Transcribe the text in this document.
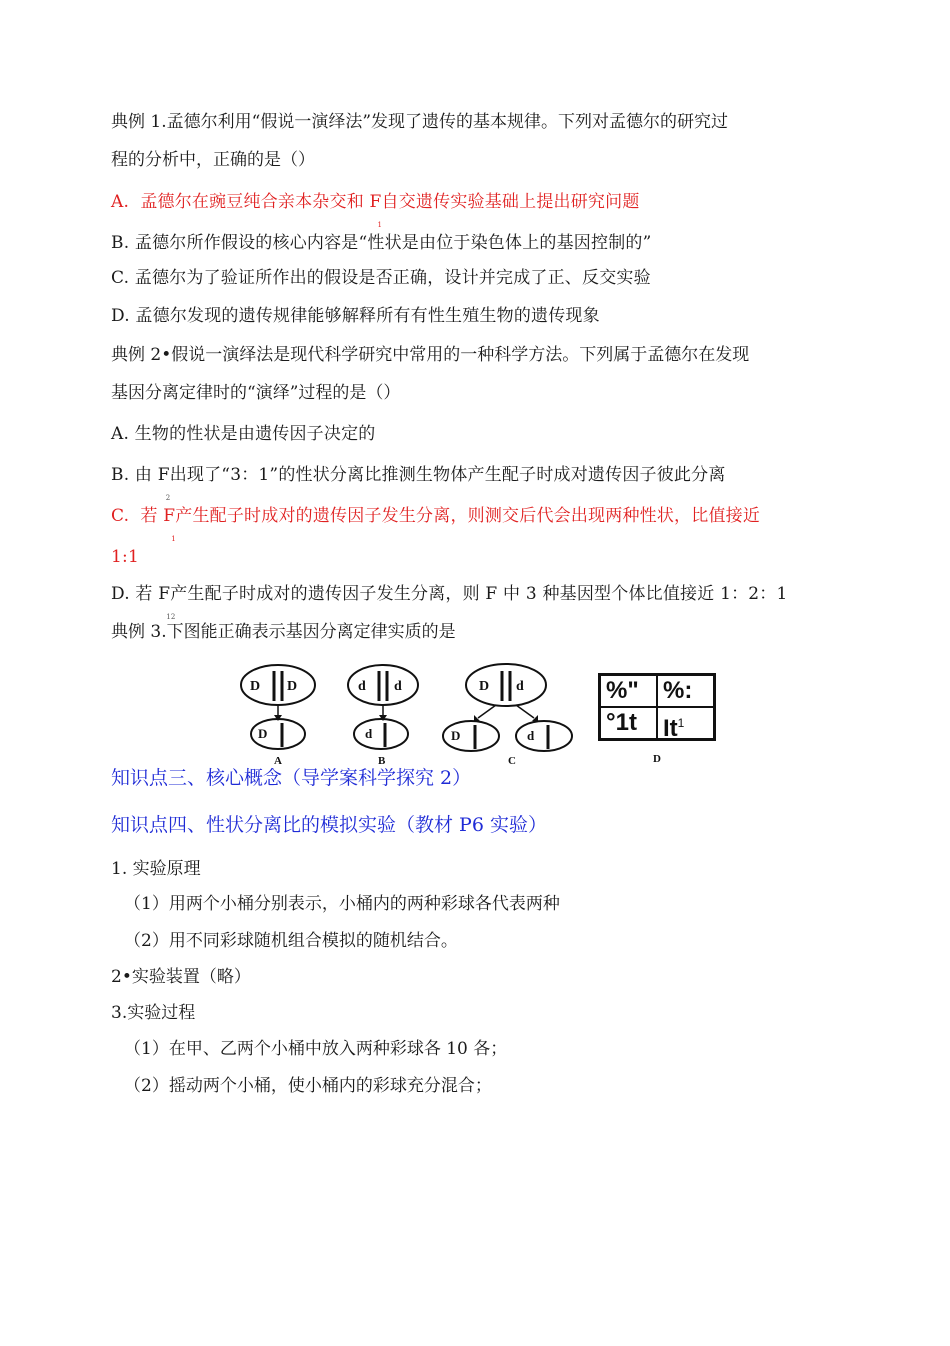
典例 1.孟德尔利用“假说一演绎法”发现了遗传的基本规律。下列对孟德尔的研究过
程的分析中，正确的是（）
A. 孟德尔在豌豆纯合亲本杂交和 F
1
自交遗传实验基础上提出研究问题
B. 孟德尔所作假设的核心内容是“性状是由位于染色体上的基因控制的”
C. 孟德尔为了验证所作出的假设是否正确，设计并完成了正、反交实验
D. 孟德尔发现的遗传规律能够解释所有有性生殖生物的遗传现象
典例 2•假说一演绎法是现代科学研究中常用的一种科学方法。下列属于孟德尔在发现
基因分离定律时的“演绎”过程的是（）
A. 生物的性状是由遗传因子决定的
B. 由 F
2
出现了“3：1”的性状分离比推测生物体产生配子时成对遗传因子彼此分离
C. 若 F
1
产生配子时成对的遗传因子发生分离，则测交后代会出现两种性状，比值接近
1:1
D. 若 F
12
产生配子时成对的遗传因子发生分离，则 F 中 3 种基因型个体比值接近 1：2：1
典例 3.下图能正确表示基因分离定律实质的是
D D
D
A
d d
d
B
D d
D	d
C	D
%"	%:
°1t	It$^1$
知识点三、核心概念（导学案科学探究 2）
知识点四、性状分离比的模拟实验（教材 P6 实验）
1. 实验原理
（1）用两个小桶分别表示，小桶内的两种彩球各代表两种
（2）用不同彩球随机组合模拟的随机结合。
2•实验装置（略）
3.实验过程
（1）在甲、乙两个小桶中放入两种彩球各 10 各；
（2）摇动两个小桶，使小桶内的彩球充分混合；
